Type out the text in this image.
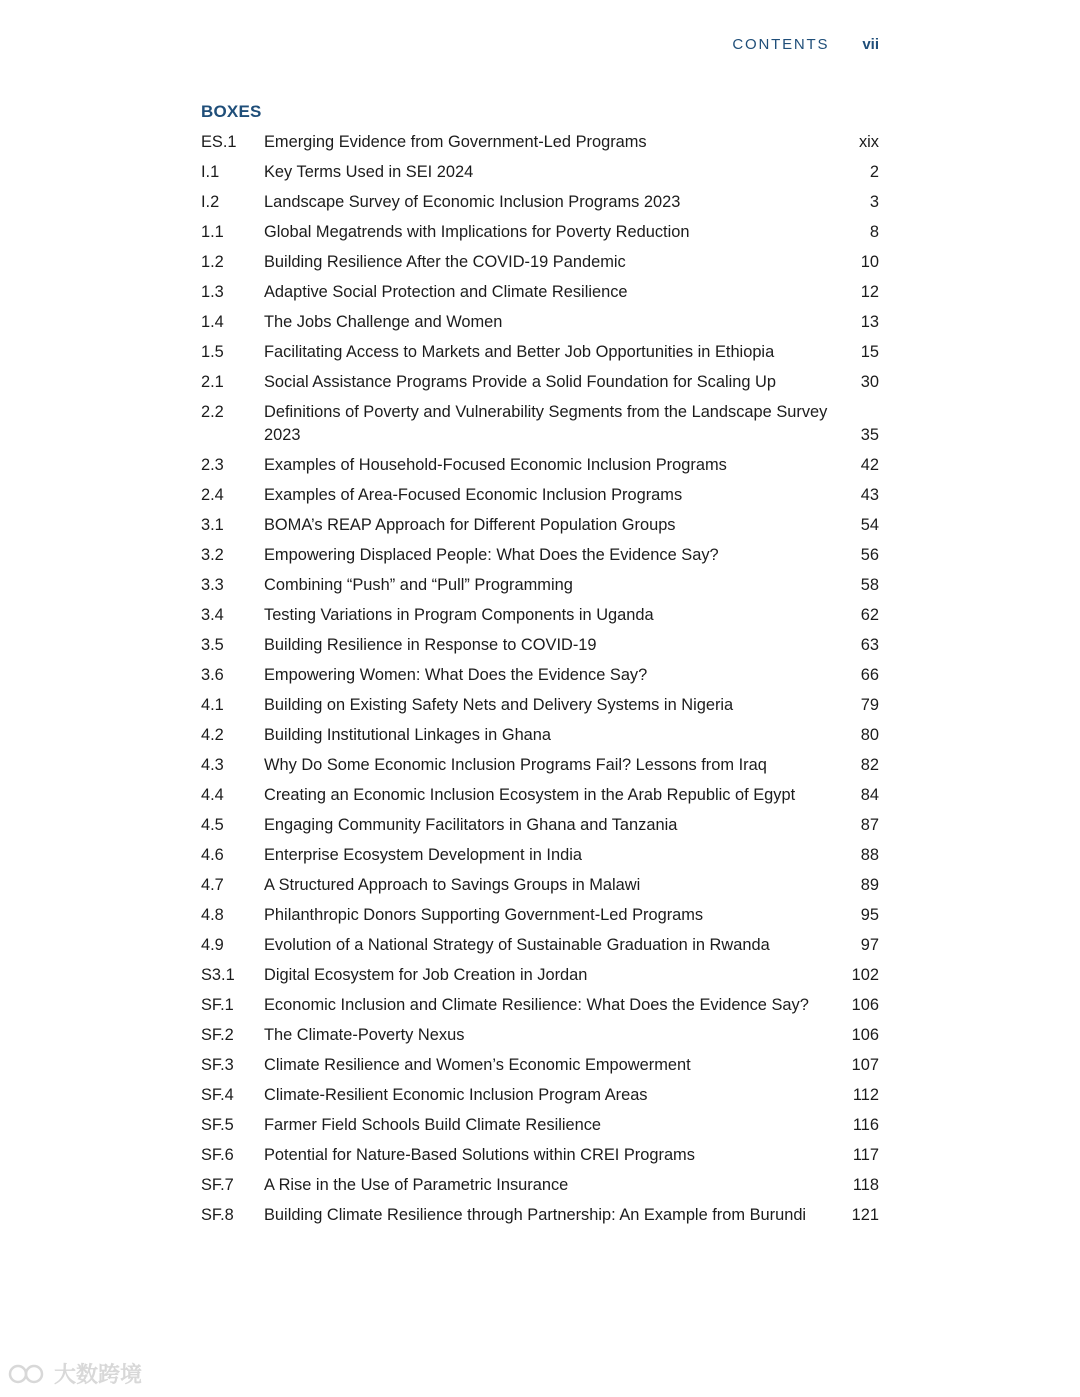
CONTENTS vii
BOXES
ES.1	Emerging Evidence from Government-Led Programs	xix
I.1	Key Terms Used in SEI 2024	2
I.2	Landscape Survey of Economic Inclusion Programs 2023	3
1.1	Global Megatrends with Implications for Poverty Reduction	8
1.2	Building Resilience After the COVID-19 Pandemic	10
1.3	Adaptive Social Protection and Climate Resilience	12
1.4	The Jobs Challenge and Women	13
1.5	Facilitating Access to Markets and Better Job Opportunities in Ethiopia	15
2.1	Social Assistance Programs Provide a Solid Foundation for Scaling Up	30
2.2	Definitions of Poverty and Vulnerability Segments from the Landscape Survey 2023	35
2.3	Examples of Household-Focused Economic Inclusion Programs	42
2.4	Examples of Area-Focused Economic Inclusion Programs	43
3.1	BOMA’s REAP Approach for Different Population Groups	54
3.2	Empowering Displaced People: What Does the Evidence Say?	56
3.3	Combining “Push” and “Pull” Programming	58
3.4	Testing Variations in Program Components in Uganda	62
3.5	Building Resilience in Response to COVID-19	63
3.6	Empowering Women: What Does the Evidence Say?	66
4.1	Building on Existing Safety Nets and Delivery Systems in Nigeria	79
4.2	Building Institutional Linkages in Ghana	80
4.3	Why Do Some Economic Inclusion Programs Fail? Lessons from Iraq	82
4.4	Creating an Economic Inclusion Ecosystem in the Arab Republic of Egypt	84
4.5	Engaging Community Facilitators in Ghana and Tanzania	87
4.6	Enterprise Ecosystem Development in India	88
4.7	A Structured Approach to Savings Groups in Malawi	89
4.8	Philanthropic Donors Supporting Government-Led Programs	95
4.9	Evolution of a National Strategy of Sustainable Graduation in Rwanda	97
S3.1	Digital Ecosystem for Job Creation in Jordan	102
SF.1	Economic Inclusion and Climate Resilience: What Does the Evidence Say?	106
SF.2	The Climate-Poverty Nexus	106
SF.3	Climate Resilience and Women’s Economic Empowerment	107
SF.4	Climate-Resilient Economic Inclusion Program Areas	112
SF.5	Farmer Field Schools Build Climate Resilience	116
SF.6	Potential for Nature-Based Solutions within CREI Programs	117
SF.7	A Rise in the Use of Parametric Insurance	118
SF.8	Building Climate Resilience through Partnership: An Example from Burundi	121
大数跨境
